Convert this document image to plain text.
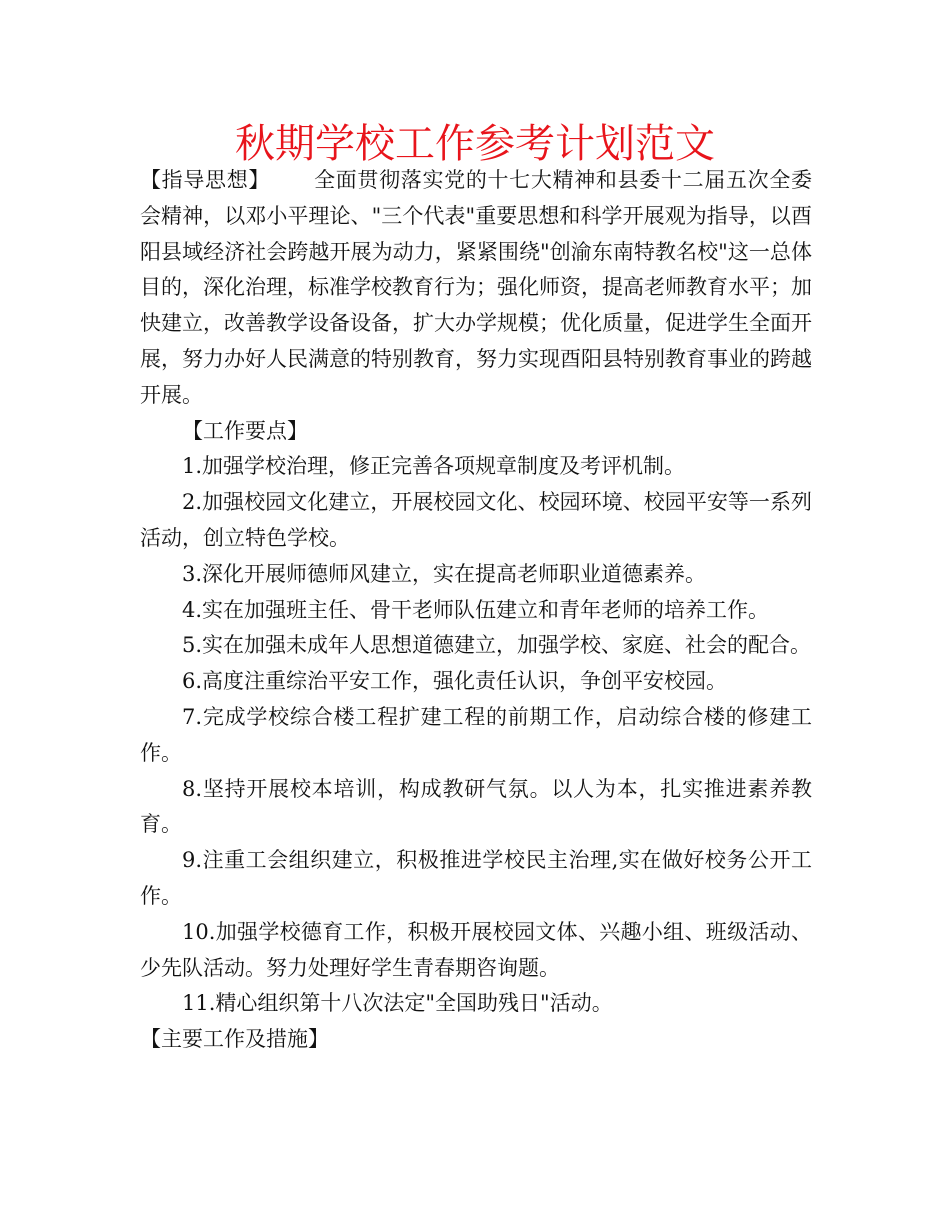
秋期学校工作参考计划范文

【指导思想】 全面贯彻落实党的十七大精神和县委十二届五次全委会精神，以邓小平理论、"三个代表"重要思想和科学开展观为指导，以酉阳县域经济社会跨越开展为动力，紧紧围绕"创渝东南特教名校"这一总体目的，深化治理，标准学校教育行为；强化师资，提高老师教育水平；加快建立，改善教学设备设备，扩大办学规模；优化质量，促进学生全面开展，努力办好人民满意的特别教育，努力实现酉阳县特别教育事业的跨越开展。

【工作要点】

1.加强学校治理，修正完善各项规章制度及考评机制。

2.加强校园文化建立，开展校园文化、校园环境、校园平安等一系列活动，创立特色学校。

3.深化开展师德师风建立，实在提高老师职业道德素养。

4.实在加强班主任、骨干老师队伍建立和青年老师的培养工作。

5.实在加强未成年人思想道德建立，加强学校、家庭、社会的配合。

6.高度注重综治平安工作，强化责任认识，争创平安校园。

7.完成学校综合楼工程扩建工程的前期工作，启动综合楼的修建工作。

8.坚持开展校本培训，构成教研气氛。以人为本，扎实推进素养教育。

9.注重工会组织建立，积极推进学校民主治理,实在做好校务公开工作。

10.加强学校德育工作，积极开展校园文体、兴趣小组、班级活动、少先队活动。努力处理好学生青春期咨询题。

11.精心组织第十八次法定"全国助残日"活动。

【主要工作及措施】
